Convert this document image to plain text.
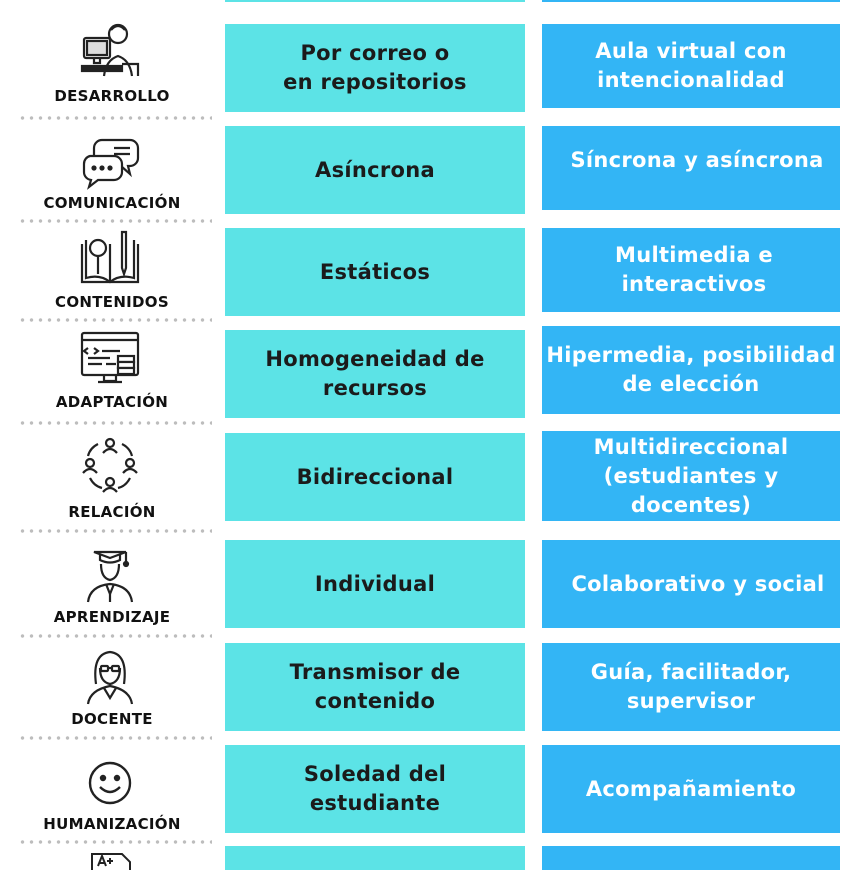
DESARROLLO
Por correo o
en repositorios
Aula virtual con
intencionalidad
COMUNICACIÓN
Asíncrona	Síncrona y asíncrona
CONTENIDOS
Estáticos
Multimedia e
interactivos
ADAPTACIÓN
Homogeneidad de
recursos
Hipermedia, posibilidad
de elección
RELACIÓN
Bidireccional
Multidireccional
(estudiantes y docentes)
APRENDIZAJE
Individual	Colaborativo y social
DOCENTE
Transmisor de
contenido
Guía, facilitador,
supervisor
HUMANIZACIÓN
Soledad del
estudiante
Acompañamiento
